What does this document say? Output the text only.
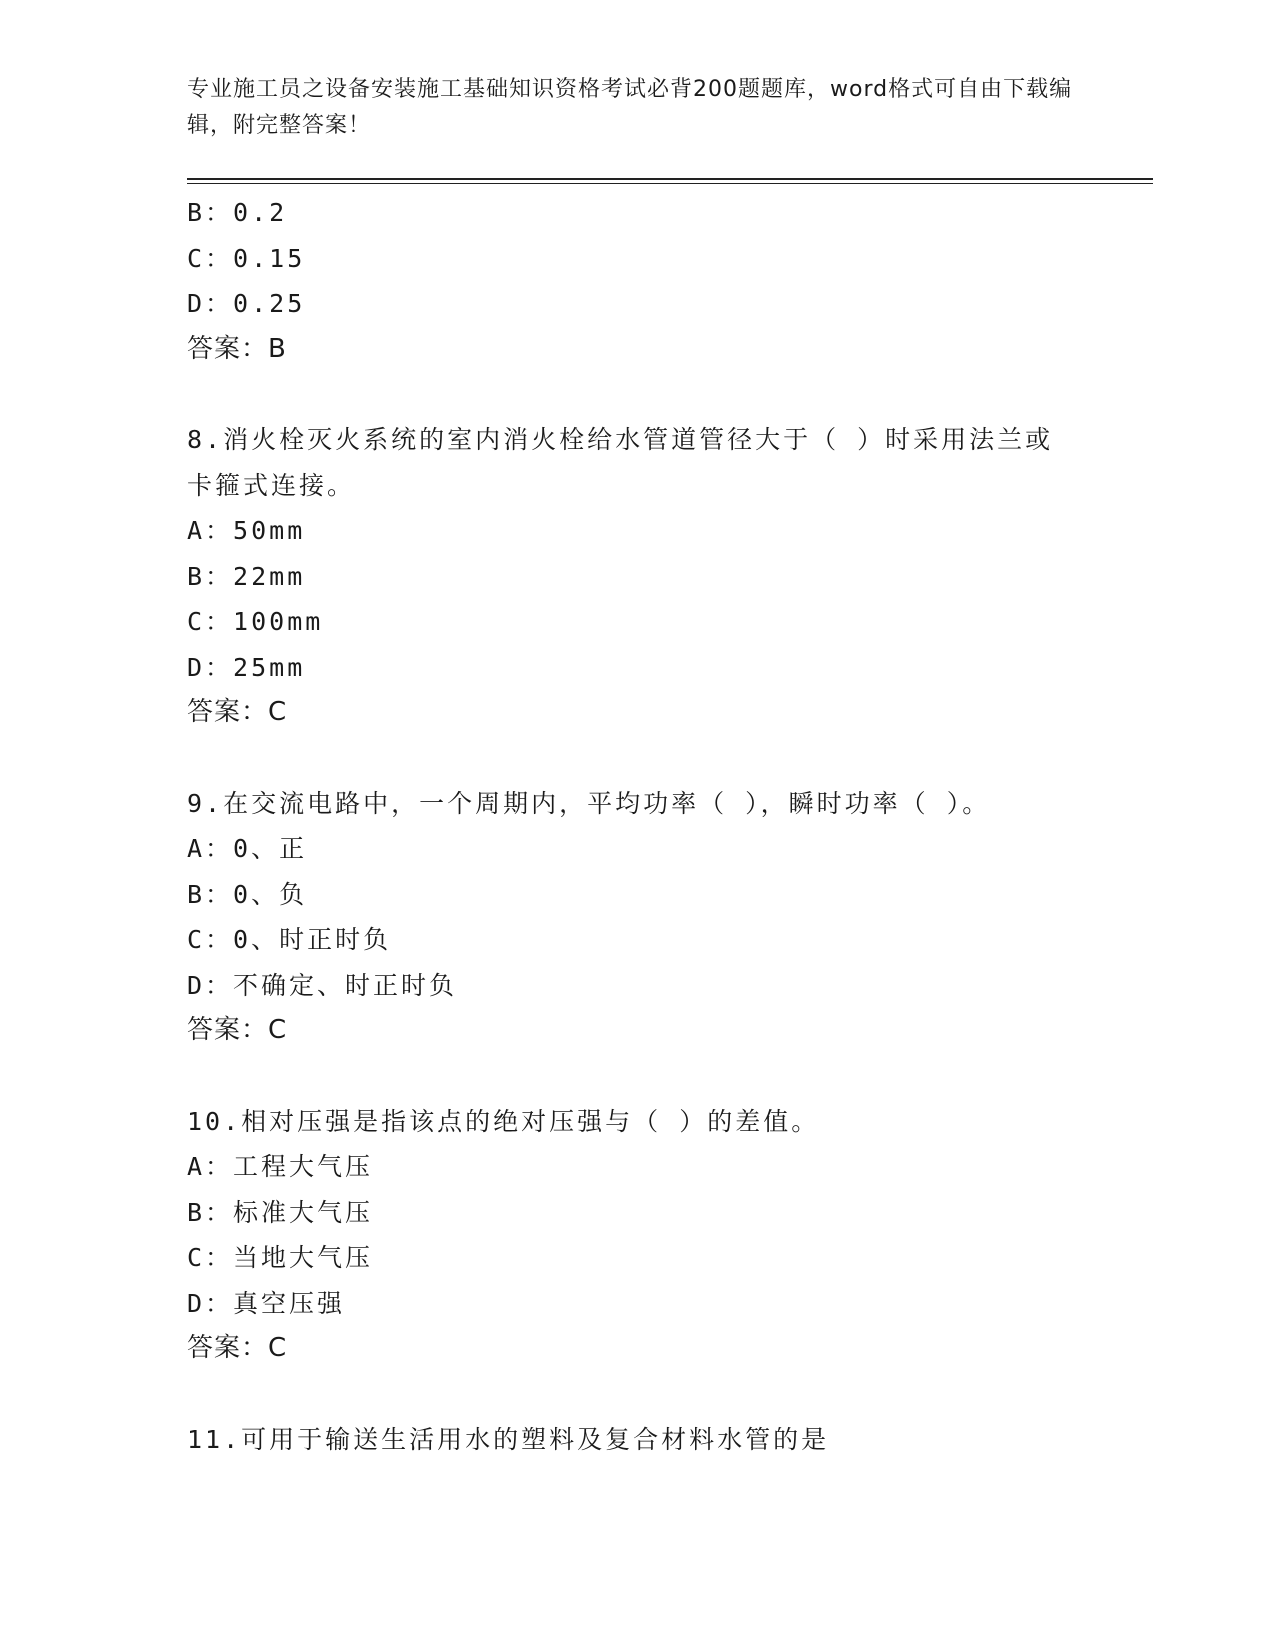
专业施工员之设备安装施工基础知识资格考试必背200题题库，word格式可自由下载编辑，附完整答案！
B：0.2
C：0.15
D：0.25
答案：B
8.消火栓灭火系统的室内消火栓给水管道管径大于（ ）时采用法兰或卡箍式连接。
A：50mm
B：22mm
C：100mm
D：25mm
答案：C
9.在交流电路中，一个周期内，平均功率（ ），瞬时功率（ ）。
A：0、正
B：0、负
C：0、时正时负
D：不确定、时正时负
答案：C
10.相对压强是指该点的绝对压强与（ ）的差值。
A：工程大气压
B：标准大气压
C：当地大气压
D：真空压强
答案：C
11.可用于输送生活用水的塑料及复合材料水管的是
